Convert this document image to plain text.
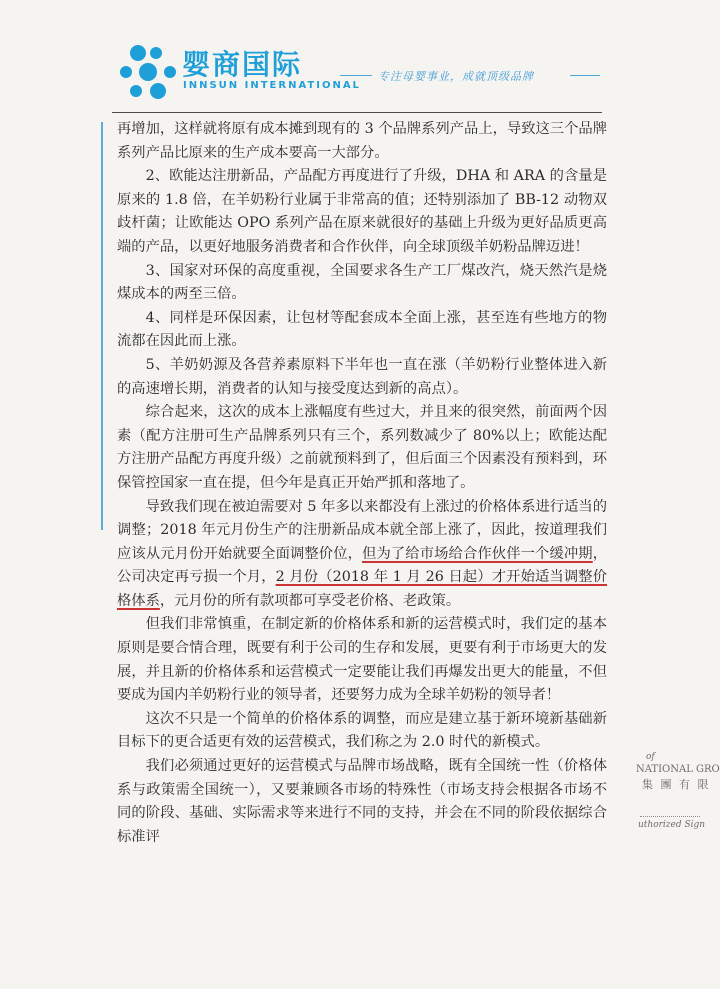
婴商国际
INNSUN INTERNATIONAL
专注母婴事业，成就顶级品牌

再增加，这样就将原有成本摊到现有的 3 个品牌系列产品上，导致这三个品牌系列产品比原来的生产成本要高一大部分。

2、欧能达注册新品，产品配方再度进行了升级，DHA 和 ARA 的含量是原来的 1.8 倍，在羊奶粉行业属于非常高的值；还特别添加了 BB-12 动物双歧杆菌；让欧能达 OPO 系列产品在原来就很好的基础上升级为更好品质更高端的产品，以更好地服务消费者和合作伙伴，向全球顶级羊奶粉品牌迈进！

3、国家对环保的高度重视，全国要求各生产工厂煤改汽，烧天然汽是烧煤成本的两至三倍。

4、同样是环保因素，让包材等配套成本全面上涨，甚至连有些地方的物流都在因此而上涨。

5、羊奶奶源及各营养素原料下半年也一直在涨（羊奶粉行业整体进入新的高速增长期，消费者的认知与接受度达到新的高点）。

综合起来，这次的成本上涨幅度有些过大，并且来的很突然，前面两个因素（配方注册可生产品牌系列只有三个，系列数减少了 80%以上；欧能达配方注册产品配方再度升级）之前就预料到了，但后面三个因素没有预料到，环保管控国家一直在提，但今年是真正开始严抓和落地了。

导致我们现在被迫需要对 5 年多以来都没有上涨过的价格体系进行适当的调整；2018 年元月份生产的注册新品成本就全部上涨了，因此，按道理我们应该从元月份开始就要全面调整价位，但为了给市场给合作伙伴一个缓冲期，公司决定再亏损一个月，2 月份（2018 年 1 月 26 日起）才开始适当调整价格体系，元月份的所有款项都可享受老价格、老政策。

但我们非常慎重，在制定新的价格体系和新的运营模式时，我们定的基本原则是要合情合理，既要有利于公司的生存和发展，更要有利于市场更大的发展，并且新的价格体系和运营模式一定要能让我们再爆发出更大的能量，不但要成为国内羊奶粉行业的领导者，还要努力成为全球羊奶粉的领导者！

这次不只是一个简单的价格体系的调整，而应是建立基于新环境新基础新目标下的更合适更有效的运营模式，我们称之为 2.0 时代的新模式。

我们必须通过更好的运营模式与品牌市场战略，既有全国统一性（价格体系与政策需全国统一），又要兼顾各市场的特殊性（市场支持会根据各市场不同的阶段、基础、实际需求等来进行不同的支持，并会在不同的阶段依据综合标准评

of
NATIONAL GRO
集 團 有 限
uthorized Sign
